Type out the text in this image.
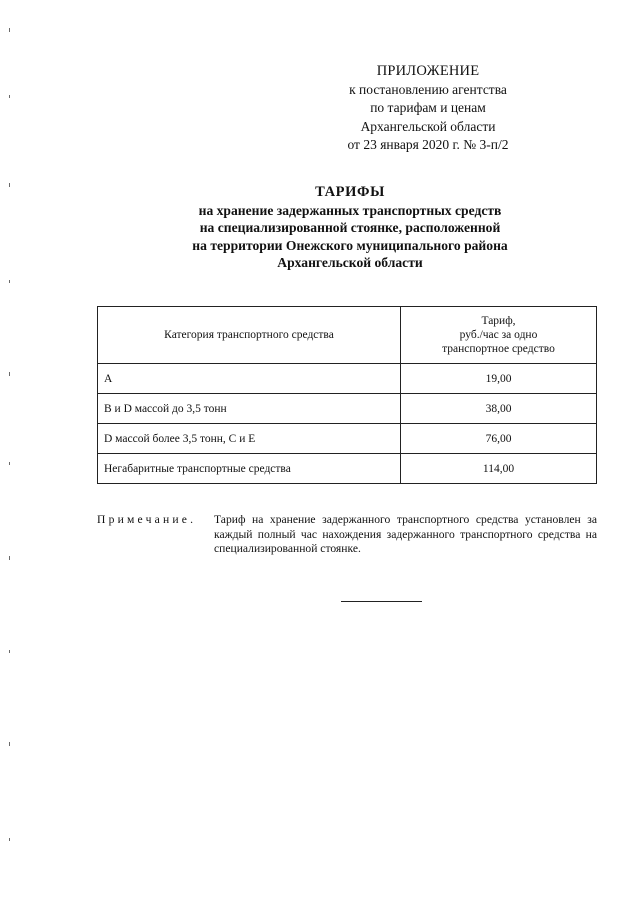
ПРИЛОЖЕНИЕ
к постановлению агентства
по тарифам и ценам
Архангельской области
от 23 января 2020 г. № 3-п/2
ТАРИФЫ
на хранение задержанных транспортных средств
на специализированной стоянке, расположенной
на территории Онежского муниципального района
Архангельской области
Категория транспортного средства	Тариф,
руб./час за одно
транспортное средство

A	19,00
B и D массой до 3,5 тонн	38,00
D массой более 3,5 тонн, C и E	76,00
Негабаритные транспортные средства	114,00
Примечание. Тариф на хранение задержанного транспортного средства установлен за каждый полный час нахождения задержанного транспортного средства на специализированной стоянке.
